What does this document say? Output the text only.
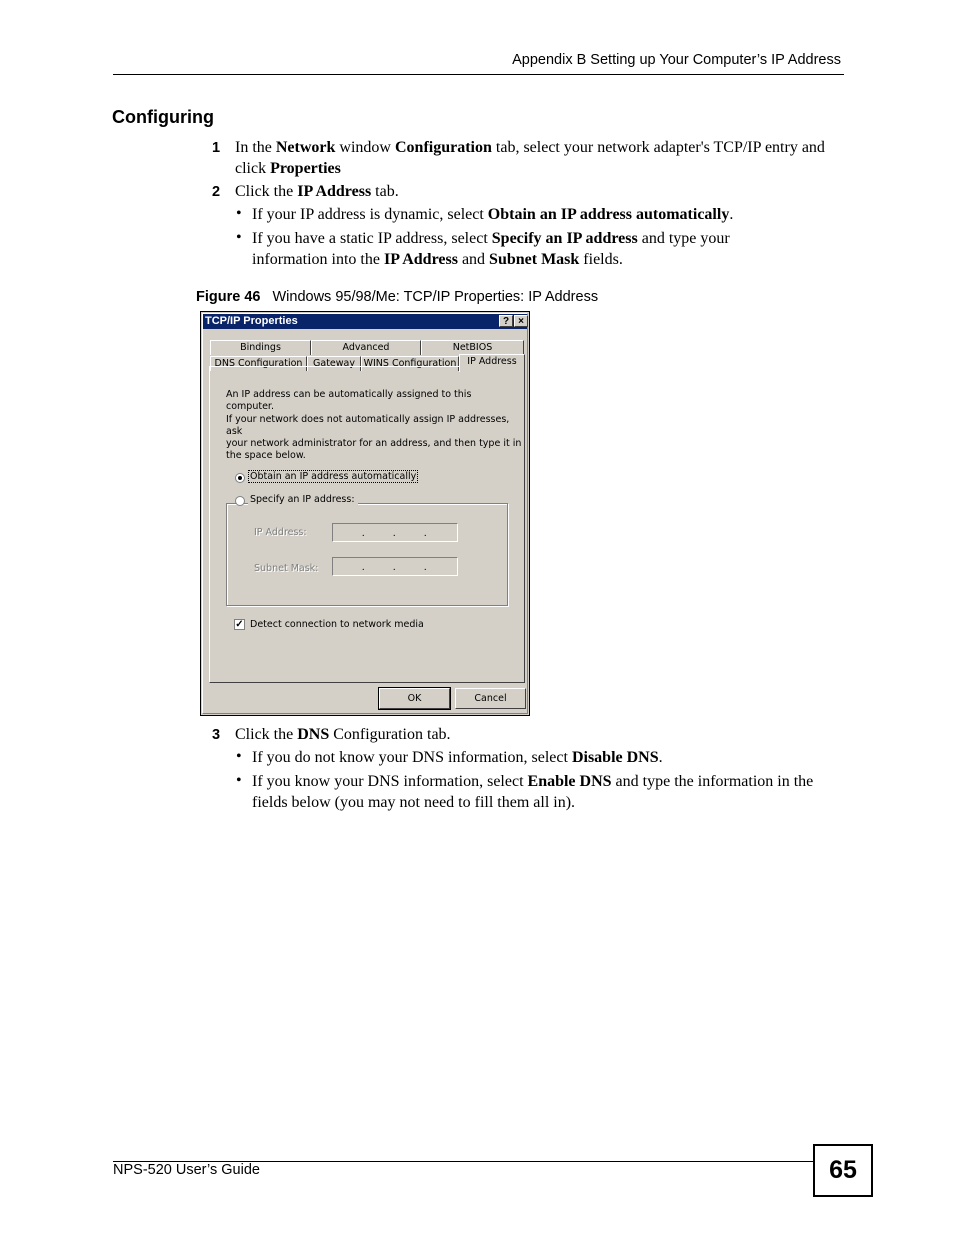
Appendix B Setting up Your Computer’s IP Address
Configuring
1 In the Network window Configuration tab, select your network adapter's TCP/IP entry and click Properties
2 Click the IP Address tab.
• If your IP address is dynamic, select Obtain an IP address automatically.
• If you have a static IP address, select Specify an IP address and type your information into the IP Address and Subnet Mask fields.
Figure 46 Windows 95/98/Me: TCP/IP Properties: IP Address
TCP/IP Properties	? ×
Bindings	Advanced	NetBIOS
DNS Configuration	Gateway WINS Configuration	IP Address
An IP address can be automatically assigned to this computer.
If your network does not automatically assign IP addresses, ask
your network administrator for an address, and then type it in
the space below.
Obtain an IP address automatically
Specify an IP address:
IP Address:	.	.	.
Subnet Mask:	.	.	.
✓ Detect connection to network media
OK	Cancel
3 Click the DNS Configuration tab.
• If you do not know your DNS information, select Disable DNS.
• If you know your DNS information, select Enable DNS and type the information in the fields below (you may not need to fill them all in).
NPS-520 User’s Guide	65
